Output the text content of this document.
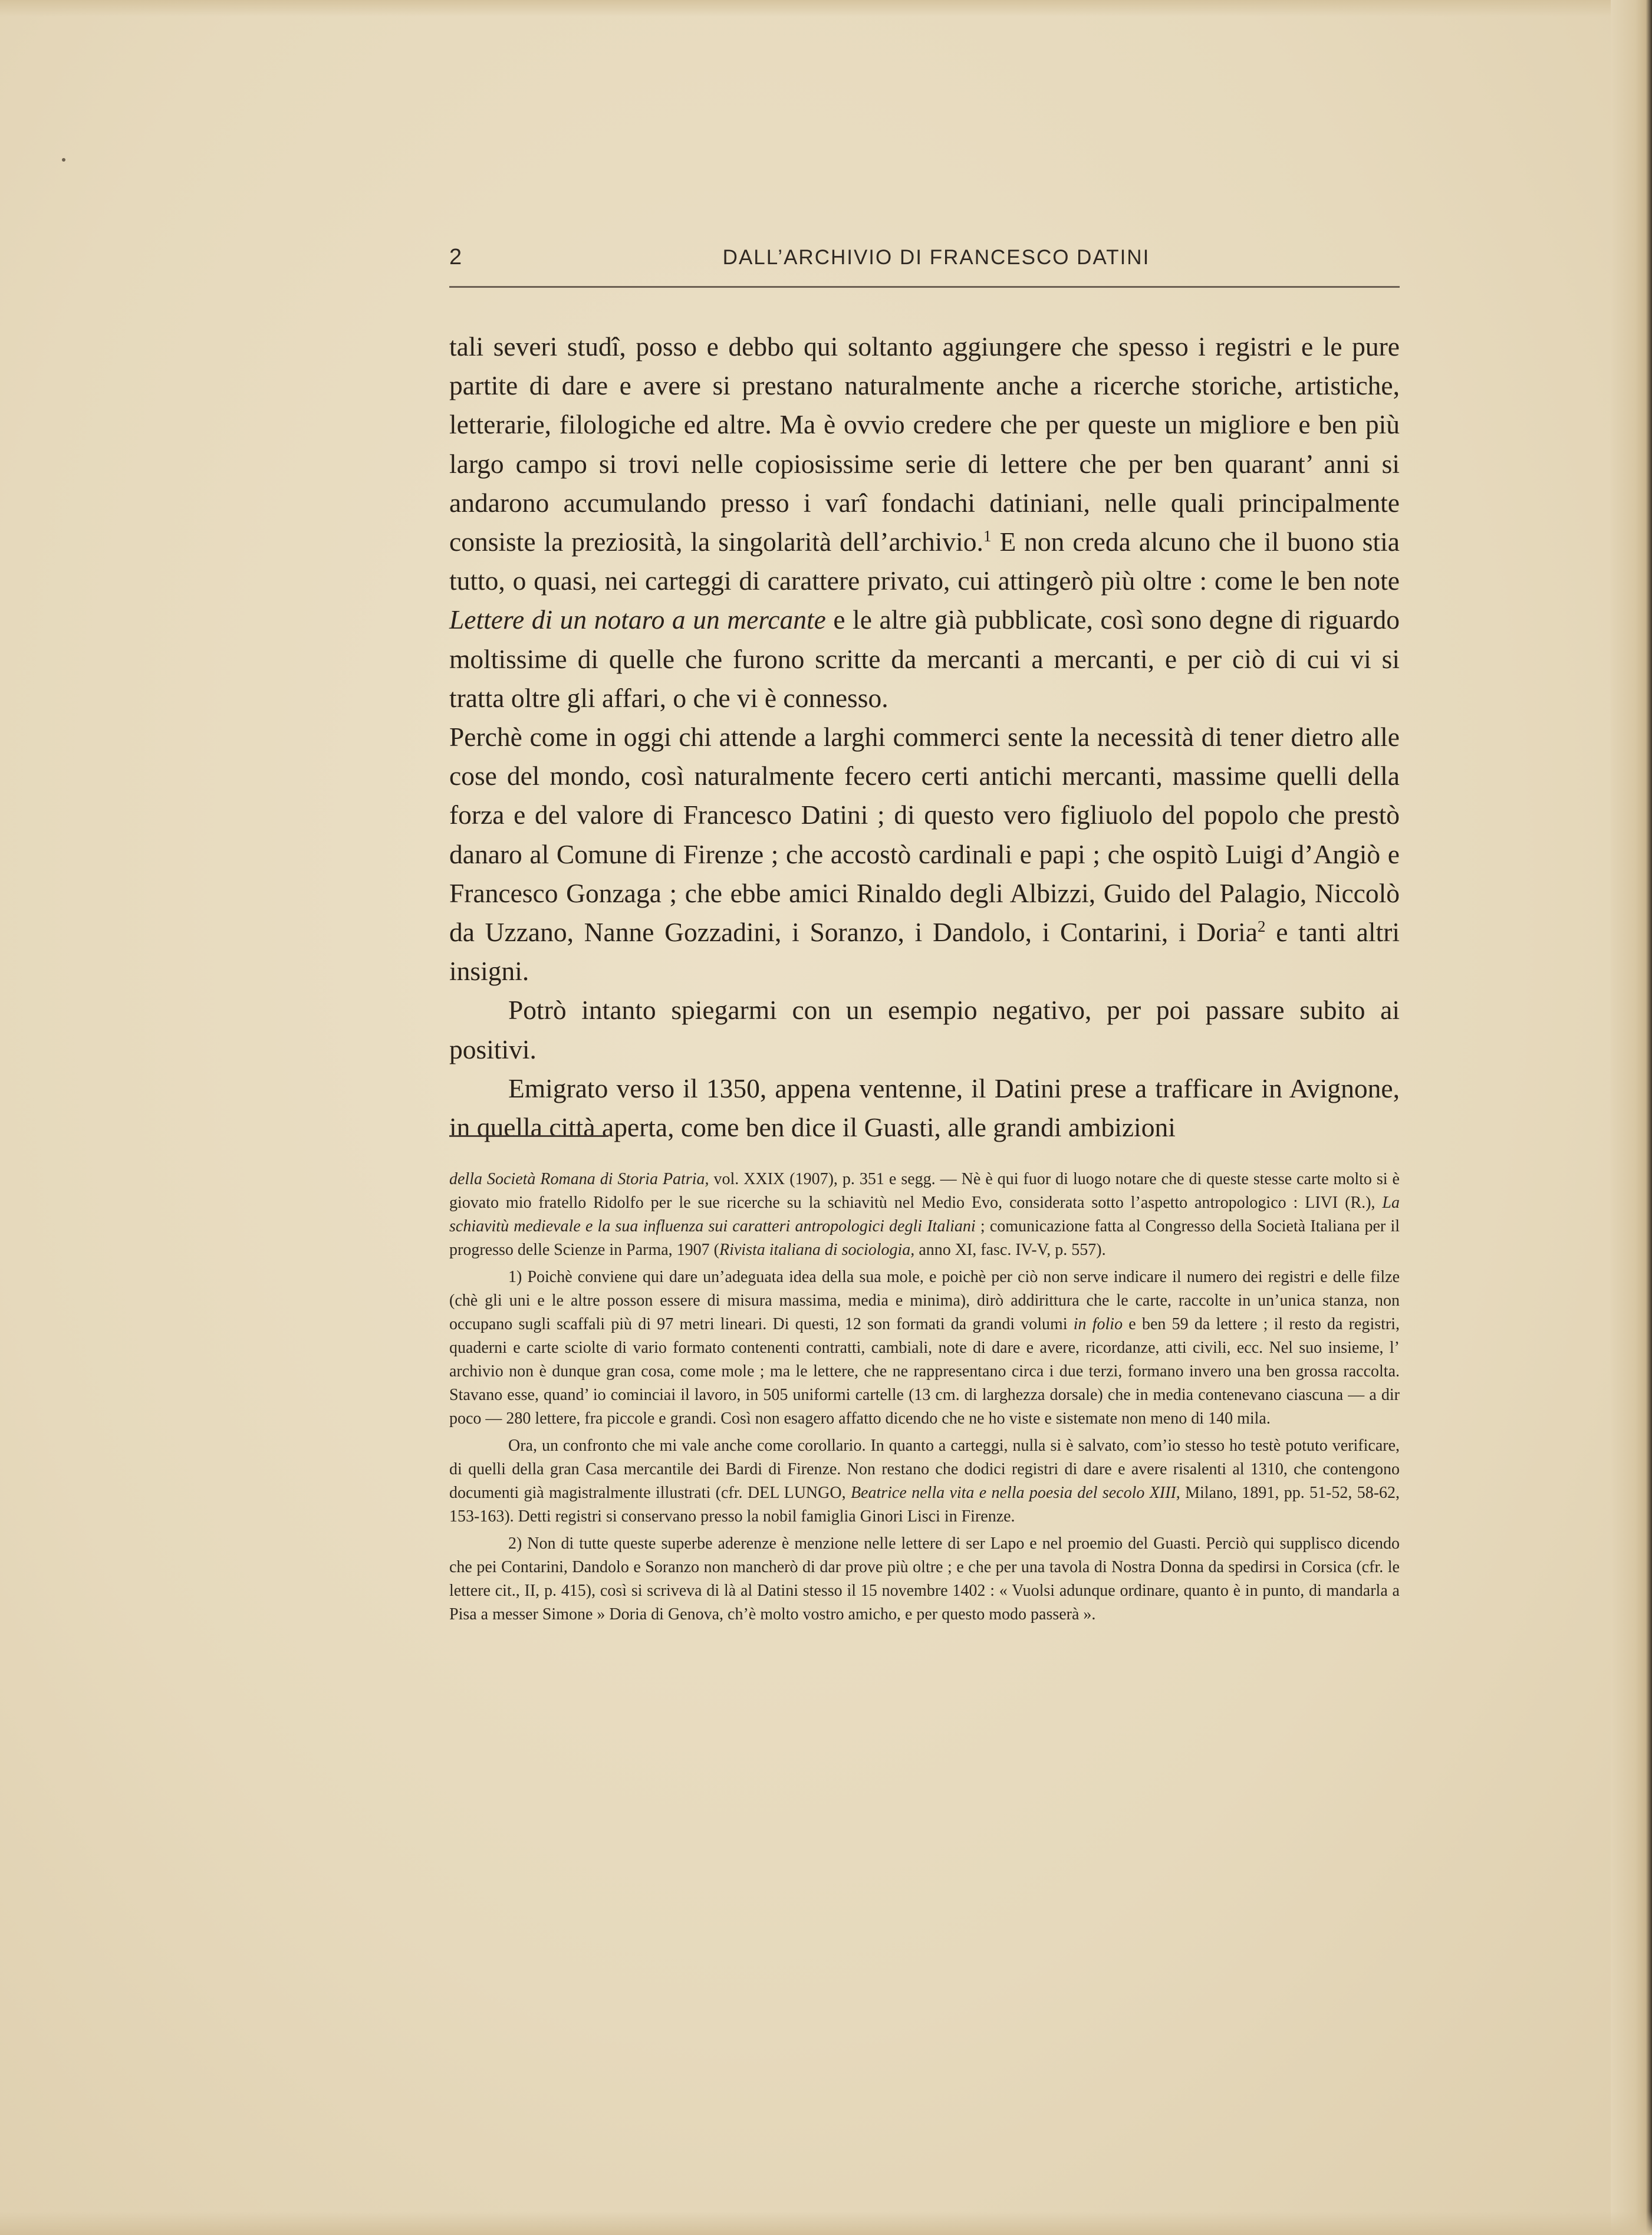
2	DALL’ARCHIVIO DI FRANCESCO DATINI

tali severi studî, posso e debbo qui soltanto aggiungere che spesso i registri e le pure partite di dare e avere si prestano naturalmente anche a ricerche storiche, artistiche, letterarie, filologiche ed altre. Ma è ovvio credere che per queste un migliore e ben più largo campo si trovi nelle copiosissime serie di lettere che per ben quarant’ anni si andarono accumulando presso i varî fondachi datiniani, nelle quali principalmente consiste la preziosità, la singolarità dell’archivio.$^1$ E non creda alcuno che il buono stia tutto, o quasi, nei carteggi di carattere privato, cui attingerò più oltre : come le ben note Lettere di un notaro a un mercante e le altre già pubblicate, così sono degne di riguardo moltissime di quelle che furono scritte da mercanti a mercanti, e per ciò di cui vi si tratta oltre gli affari, o che vi è connesso.

Perchè come in oggi chi attende a larghi commerci sente la necessità di tener dietro alle cose del mondo, così naturalmente fecero certi antichi mercanti, massime quelli della forza e del valore di Francesco Datini ; di questo vero figliuolo del popolo che prestò danaro al Comune di Firenze ; che accostò cardinali e papi ; che ospitò Luigi d’Angiò e Francesco Gonzaga ; che ebbe amici Rinaldo degli Albizzi, Guido del Palagio, Niccolò da Uzzano, Nanne Gozzadini, i Soranzo, i Dandolo, i Contarini, i Doria$^2$ e tanti altri insigni.

Potrò intanto spiegarmi con un esempio negativo, per poi passare subito ai positivi.

Emigrato verso il 1350, appena ventenne, il Datini prese a trafficare in Avignone, in quella città aperta, come ben dice il Guasti, alle grandi ambizioni

della Società Romana di Storia Patria, vol. XXIX (1907), p. 351 e segg. — Nè è qui fuor di luogo notare che di queste stesse carte molto si è giovato mio fratello Ridolfo per le sue ricerche su la schiavitù nel Medio Evo, considerata sotto l’aspetto antropologico : LIVI (R.), La schiavitù medievale e la sua influenza sui caratteri antropologici degli Italiani ; comunicazione fatta al Congresso della Società Italiana per il progresso delle Scienze in Parma, 1907 (Rivista italiana di sociologia, anno XI, fasc. IV-V, p. 557).

1) Poichè conviene qui dare un’adeguata idea della sua mole, e poichè per ciò non serve indicare il numero dei registri e delle filze (chè gli uni e le altre posson essere di misura massima, media e minima), dirò addirittura che le carte, raccolte in un’unica stanza, non occupano sugli scaffali più di 97 metri lineari. Di questi, 12 son formati da grandi volumi in folio e ben 59 da lettere ; il resto da registri, quaderni e carte sciolte di vario formato contenenti contratti, cambiali, note di dare e avere, ricordanze, atti civili, ecc. Nel suo insieme, l’ archivio non è dunque gran cosa, come mole ; ma le lettere, che ne rappresentano circa i due terzi, formano invero una ben grossa raccolta. Stavano esse, quand’ io cominciai il lavoro, in 505 uniformi cartelle (13 cm. di larghezza dorsale) che in media contenevano ciascuna — a dir poco — 280 lettere, fra piccole e grandi. Così non esagero affatto dicendo che ne ho viste e sistemate non meno di 140 mila.

Ora, un confronto che mi vale anche come corollario. In quanto a carteggi, nulla si è salvato, com’io stesso ho testè potuto verificare, di quelli della gran Casa mercantile dei Bardi di Firenze. Non restano che dodici registri di dare e avere risalenti al 1310, che contengono documenti già magistralmente illustrati (cfr. DEL LUNGO, Beatrice nella vita e nella poesia del secolo XIII, Milano, 1891, pp. 51-52, 58-62, 153-163). Detti registri si conservano presso la nobil famiglia Ginori Lisci in Firenze.

2) Non di tutte queste superbe aderenze è menzione nelle lettere di ser Lapo e nel proemio del Guasti. Perciò qui supplisco dicendo che pei Contarini, Dandolo e Soranzo non mancherò di dar prove più oltre ; e che per una tavola di Nostra Donna da spedirsi in Corsica (cfr. le lettere cit., II, p. 415), così si scriveva di là al Datini stesso il 15 novembre 1402 : « Vuolsi adunque ordinare, quanto è in punto, di mandarla a Pisa a messer Simone » Doria di Genova, ch’è molto vostro amicho, e per questo modo passerà ».
